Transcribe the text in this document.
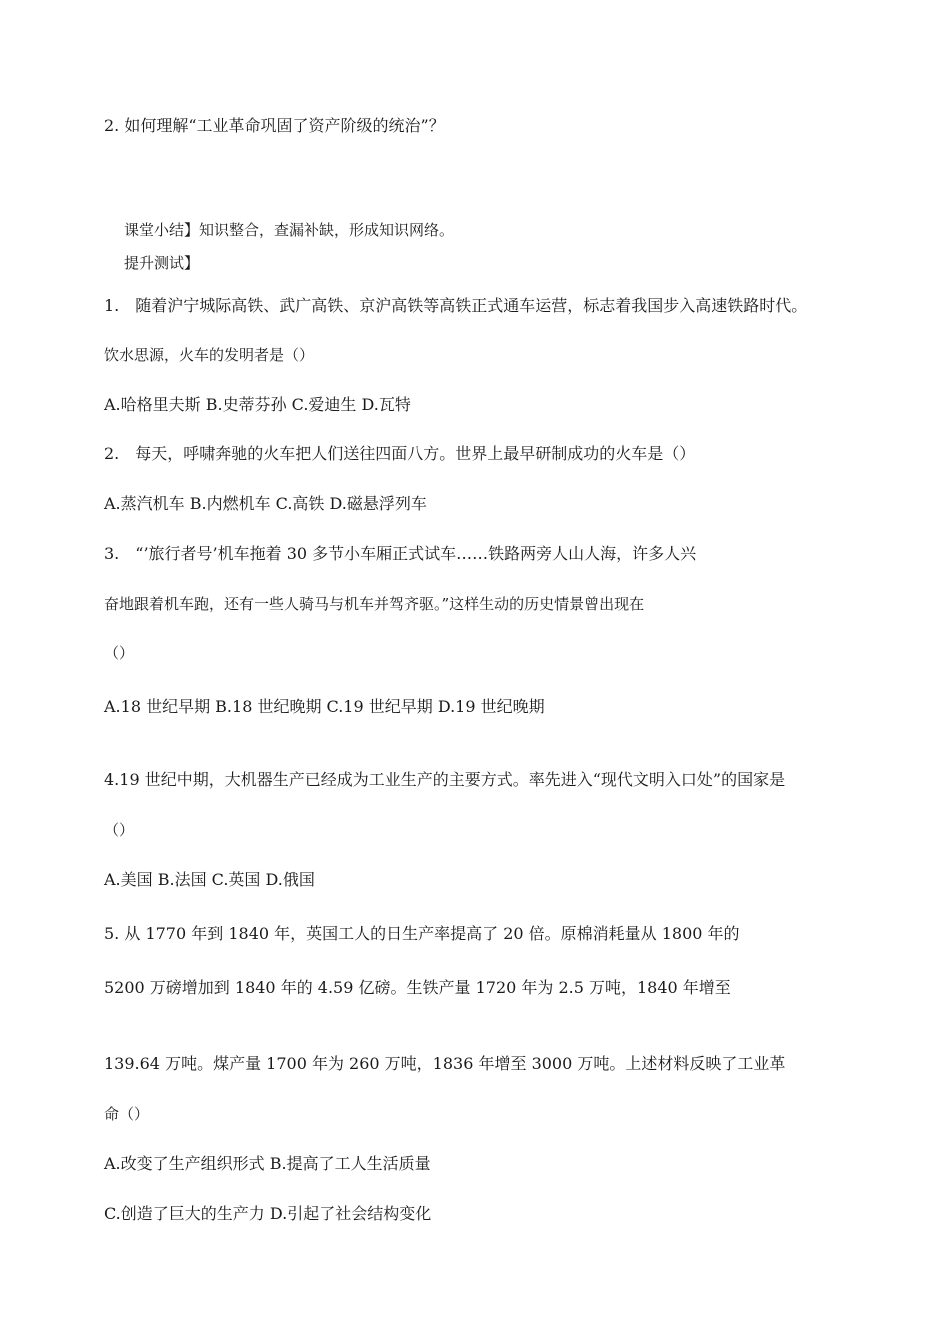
2. 如何理解“工业革命巩固了资产阶级的统治”？
课堂小结】知识整合，查漏补缺，形成知识网络。
提升测试】
1.　随着沪宁城际高铁、武广高铁、京沪高铁等高铁正式通车运营，标志着我国步入高速铁路时代。
饮水思源，火车的发明者是（）
A.哈格里夫斯 B.史蒂芬孙 C.爱迪生 D.瓦特
2.　每天，呼啸奔驰的火车把人们送往四面八方。世界上最早研制成功的火车是（）
A.蒸汽机车 B.内燃机车 C.高铁 D.磁悬浮列车
3.　“’旅行者号’机车拖着 30 多节小车厢正式试车……铁路两旁人山人海，许多人兴
奋地跟着机车跑，还有一些人骑马与机车并驾齐驱。”这样生动的历史情景曾出现在
（）
A.18 世纪早期 B.18 世纪晚期 C.19 世纪早期 D.19 世纪晚期
4.19 世纪中期，大机器生产已经成为工业生产的主要方式。率先进入“现代文明入口处”的国家是
（）
A.美国 B.法国 C.英国 D.俄国
5. 从 1770 年到 1840 年，英国工人的日生产率提高了 20 倍。原棉消耗量从 1800 年的
5200 万磅增加到 1840 年的 4.59 亿磅。生铁产量 1720 年为 2.5 万吨，1840 年增至
139.64 万吨。煤产量 1700 年为 260 万吨，1836 年增至 3000 万吨。上述材料反映了工业革
命（）
A.改变了生产组织形式 B.提高了工人生活质量
C.创造了巨大的生产力 D.引起了社会结构变化
